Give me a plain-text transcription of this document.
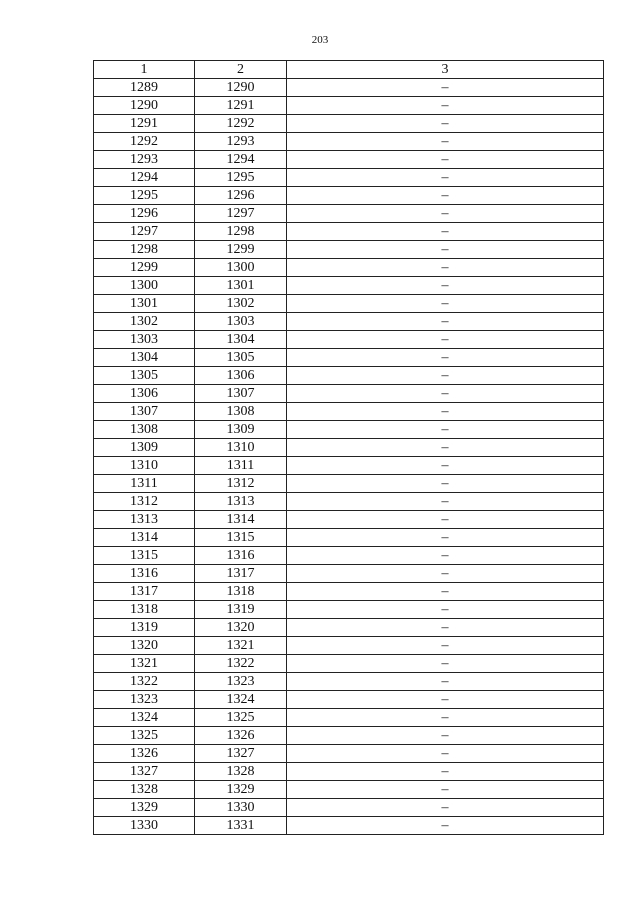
203
1	2	3
1289	1290	–
1290	1291	–
1291	1292	–
1292	1293	–
1293	1294	–
1294	1295	–
1295	1296	–
1296	1297	–
1297	1298	–
1298	1299	–
1299	1300	–
1300	1301	–
1301	1302	–
1302	1303	–
1303	1304	–
1304	1305	–
1305	1306	–
1306	1307	–
1307	1308	–
1308	1309	–
1309	1310	–
1310	1311	–
1311	1312	–
1312	1313	–
1313	1314	–
1314	1315	–
1315	1316	–
1316	1317	–
1317	1318	–
1318	1319	–
1319	1320	–
1320	1321	–
1321	1322	–
1322	1323	–
1323	1324	–
1324	1325	–
1325	1326	–
1326	1327	–
1327	1328	–
1328	1329	–
1329	1330	–
1330	1331	–
